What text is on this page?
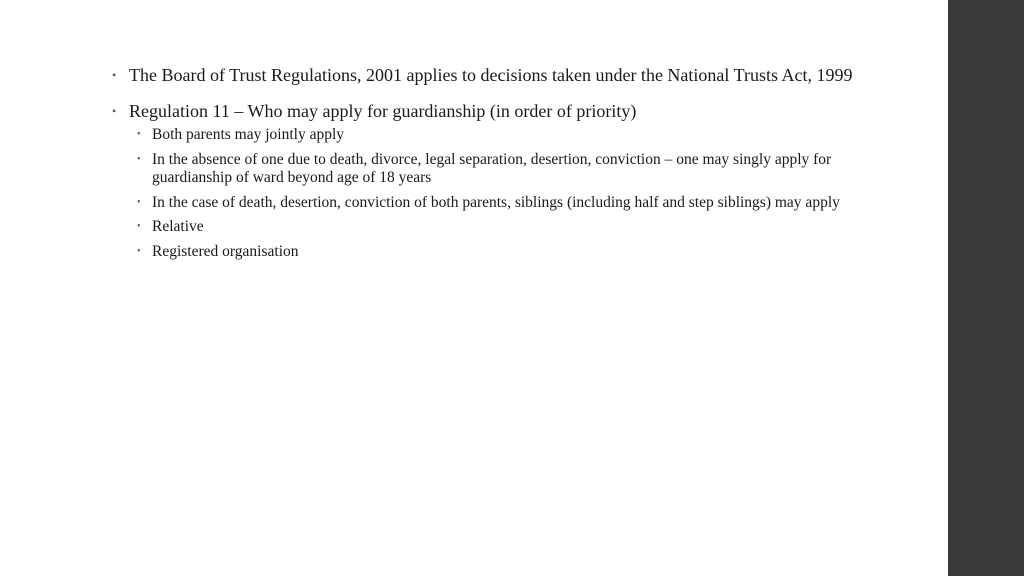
• The Board of Trust Regulations, 2001 applies to decisions taken under the National Trusts Act, 1999
• Regulation 11 – Who may apply for guardianship (in order of priority)
• Both parents may jointly apply
• In the absence of one due to death, divorce, legal separation, desertion, conviction – one may singly apply for guardianship of ward beyond age of 18 years
• In the case of death, desertion, conviction of both parents, siblings (including half and step siblings) may apply
• Relative
• Registered organisation
